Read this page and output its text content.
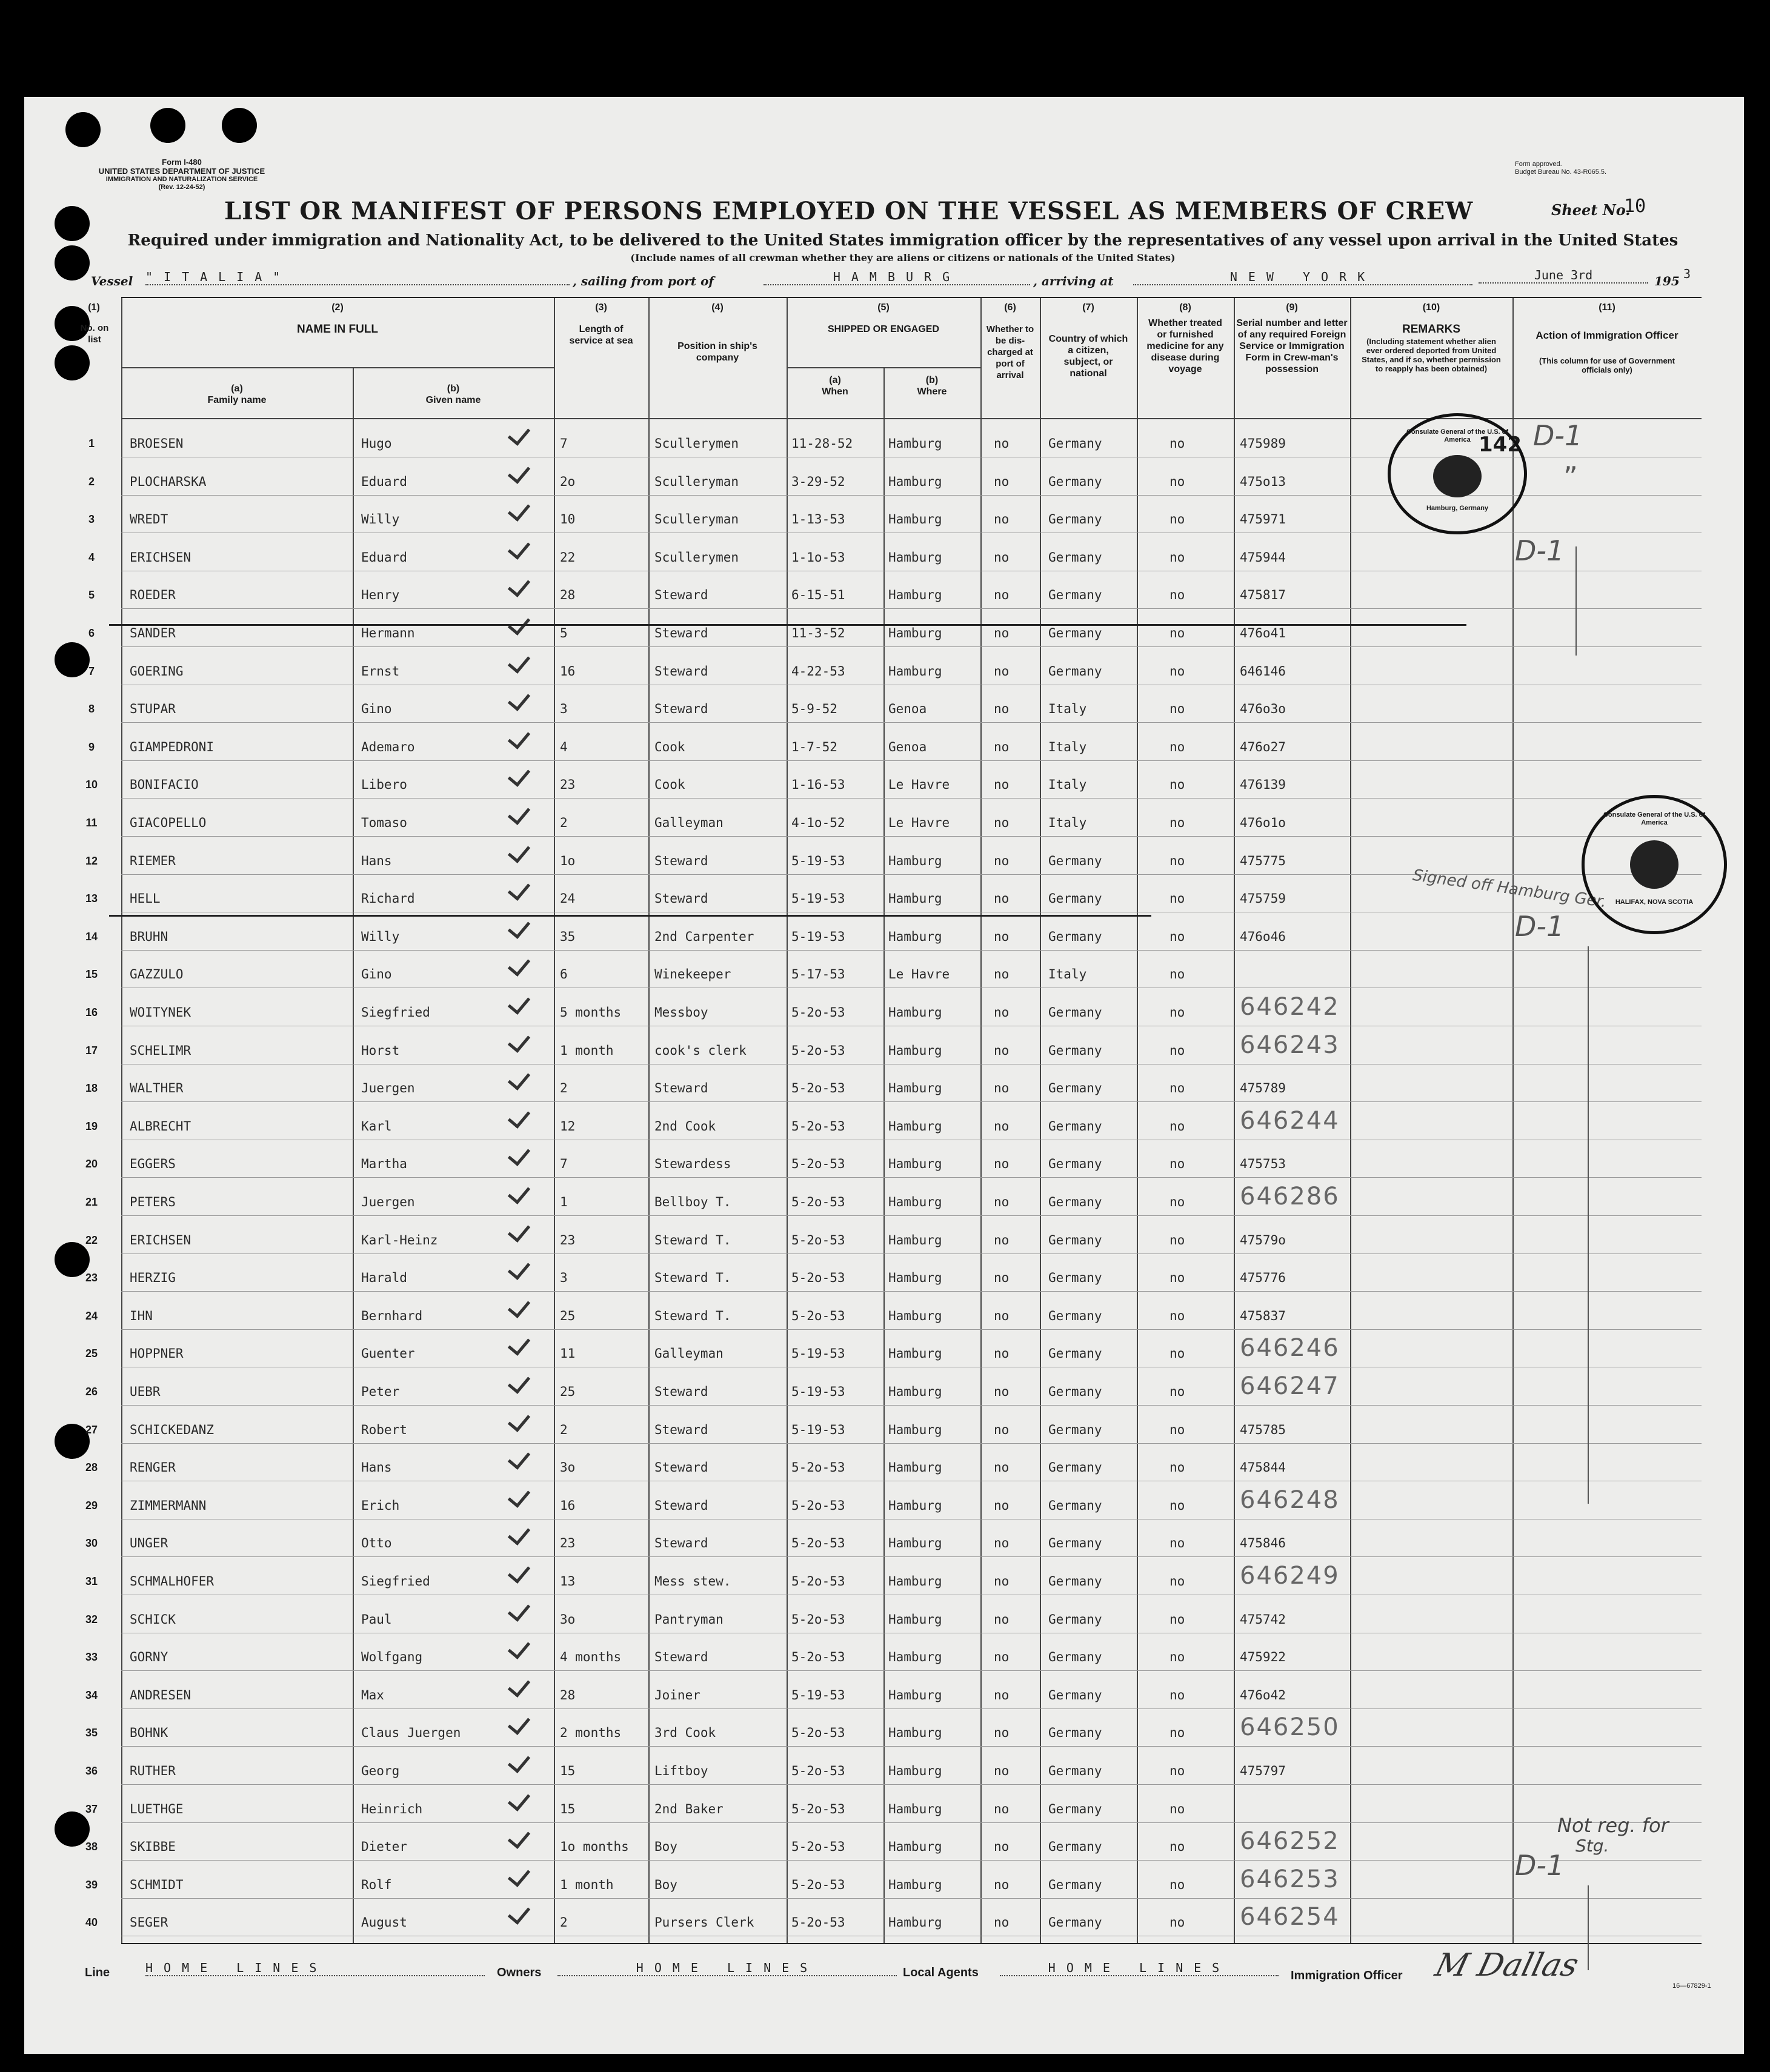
Form I-480
UNITED STATES DEPARTMENT OF JUSTICE
IMMIGRATION AND NATURALIZATION SERVICE
(Rev. 12-24-52)
Form approved.
Budget Bureau No. 43-R065.5.
LIST OR MANIFEST OF PERSONS EMPLOYED ON THE VESSEL AS MEMBERS OF CREW	Sheet No.
10
Required under immigration and Nationality Act, to be delivered to the United States immigration officer by the representatives of any vessel upon arrival in the United States
(Include names of all crewman whether they are aliens or citizens or nationals of the United States)
Vessel "ITALIA"	, sailing from port of	HAMBURG	, arriving at	NEW YORK	June 3rd	195 3
(1)
No. on list
(2)
NAME IN FULL
(a)
Family name
(b)
Given name
(3)
Length of service at sea
(4)
Position in ship's company
(5)
SHIPPED OR ENGAGED
(a)
When
(b)
Where
(6)
Whether to be dis-charged at port of arrival
(7)
Country of which a citizen, subject, or national
(8)
Whether treated or furnished medicine for any disease during voyage
(9)
Serial number and letter of any required Foreign Service or Immigration Form in Crew-man's possession
(10)
REMARKS
(Including statement whether alien ever ordered deported from United States, and if so, whether permission to reapply has been obtained)
(11)
Action of Immigration Officer
(This column for use of Government officials only)
1	BROESEN	Hugo	7	Scullerymen	11-28-52	Hamburg	no	Germany	no	475989
2	PLOCHARSKA	Eduard	2o	Sculleryman	3-29-52	Hamburg	no	Germany	no	475o13
3	WREDT	Willy	10	Sculleryman	1-13-53	Hamburg	no	Germany	no	475971
4	ERICHSEN	Eduard	22	Scullerymen	1-1o-53	Hamburg	no	Germany	no	475944
5	ROEDER	Henry	28	Steward	6-15-51	Hamburg	no	Germany	no	475817
6	SANDER	Hermann	5	Steward	11-3-52	Hamburg	no	Germany	no	476o41
7	GOERING	Ernst	16	Steward	4-22-53	Hamburg	no	Germany	no	646146
8	STUPAR	Gino	3	Steward	5-9-52	Genoa	no	Italy	no	476o3o
9	GIAMPEDRONI	Ademaro	4	Cook	1-7-52	Genoa	no	Italy	no	476o27
10	BONIFACIO	Libero	23	Cook	1-16-53	Le Havre	no	Italy	no	476139
11	GIACOPELLO	Tomaso	2	Galleyman	4-1o-52	Le Havre	no	Italy	no	476o1o
12	RIEMER	Hans	1o	Steward	5-19-53	Hamburg	no	Germany	no	475775
13	HELL	Richard	24	Steward	5-19-53	Hamburg	no	Germany	no	475759
14	BRUHN	Willy	35	2nd Carpenter	5-19-53	Hamburg	no	Germany	no	476o46
15	GAZZULO	Gino	6	Winekeeper	5-17-53	Le Havre	no	Italy	no
16	WOITYNEK	Siegfried	5 months	Messboy	5-2o-53	Hamburg	no	Germany	no 646242
17	SCHELIMR	Horst	1 month	cook's clerk	5-2o-53	Hamburg	no	Germany	no 646243
18	WALTHER	Juergen	2	Steward	5-2o-53	Hamburg	no	Germany	no	475789
19	ALBRECHT	Karl	12	2nd Cook	5-2o-53	Hamburg	no	Germany	no 646244
20	EGGERS	Martha	7	Stewardess	5-2o-53	Hamburg	no	Germany	no	475753
21	PETERS	Juergen	1	Bellboy T.	5-2o-53	Hamburg	no	Germany	no 646286
22	ERICHSEN	Karl-Heinz	23	Steward T.	5-2o-53	Hamburg	no	Germany	no	47579o
23	HERZIG	Harald	3	Steward T.	5-2o-53	Hamburg	no	Germany	no	475776
24	IHN	Bernhard	25	Steward T.	5-2o-53	Hamburg	no	Germany	no	475837
25	HOPPNER	Guenter	11	Galleyman	5-19-53	Hamburg	no	Germany	no 646246
26	UEBR	Peter	25	Steward	5-19-53	Hamburg	no	Germany	no 646247
27	SCHICKEDANZ	Robert	2	Steward	5-19-53	Hamburg	no	Germany	no	475785
28	RENGER	Hans	3o	Steward	5-2o-53	Hamburg	no	Germany	no	475844
29	ZIMMERMANN	Erich	16	Steward	5-2o-53	Hamburg	no	Germany	no 646248
30	UNGER	Otto	23	Steward	5-2o-53	Hamburg	no	Germany	no	475846
31	SCHMALHOFER	Siegfried	13	Mess stew.	5-2o-53	Hamburg	no	Germany	no 646249
32	SCHICK	Paul	3o	Pantryman	5-2o-53	Hamburg	no	Germany	no	475742
33	GORNY	Wolfgang	4 months	Steward	5-2o-53	Hamburg	no	Germany	no	475922
34	ANDRESEN	Max	28	Joiner	5-19-53	Hamburg	no	Germany	no	476o42
35	BOHNK	Claus Juergen	2 months	3rd Cook	5-2o-53	Hamburg	no	Germany	no 646250
36	RUTHER	Georg	15	Liftboy	5-2o-53	Hamburg	no	Germany	no	475797
37	LUETHGE	Heinrich	15	2nd Baker	5-2o-53	Hamburg	no	Germany	no
38	SKIBBE	Dieter	1o months	Boy	5-2o-53	Hamburg	no	Germany	no 646252
39	SCHMIDT	Rolf	1 month	Boy	5-2o-53	Hamburg	no	Germany	no 646253
40	SEGER	August	2	Pursers Clerk	5-2o-53	Hamburg	no	Germany	no 646254
142 D-1
”
D-1
D-1
D-1
Not reg. for
Stg.
Signed off Hamburg Ger.
Consulate General of the U.S. of America
Hamburg, Germany
Consulate General of the U.S. of America
HALIFAX, NOVA SCOTIA
Line	HOME LINES	Owners	HOME LINES	Local Agents	HOME LINES
Immigration Officer M Dallas
16—67829-1
